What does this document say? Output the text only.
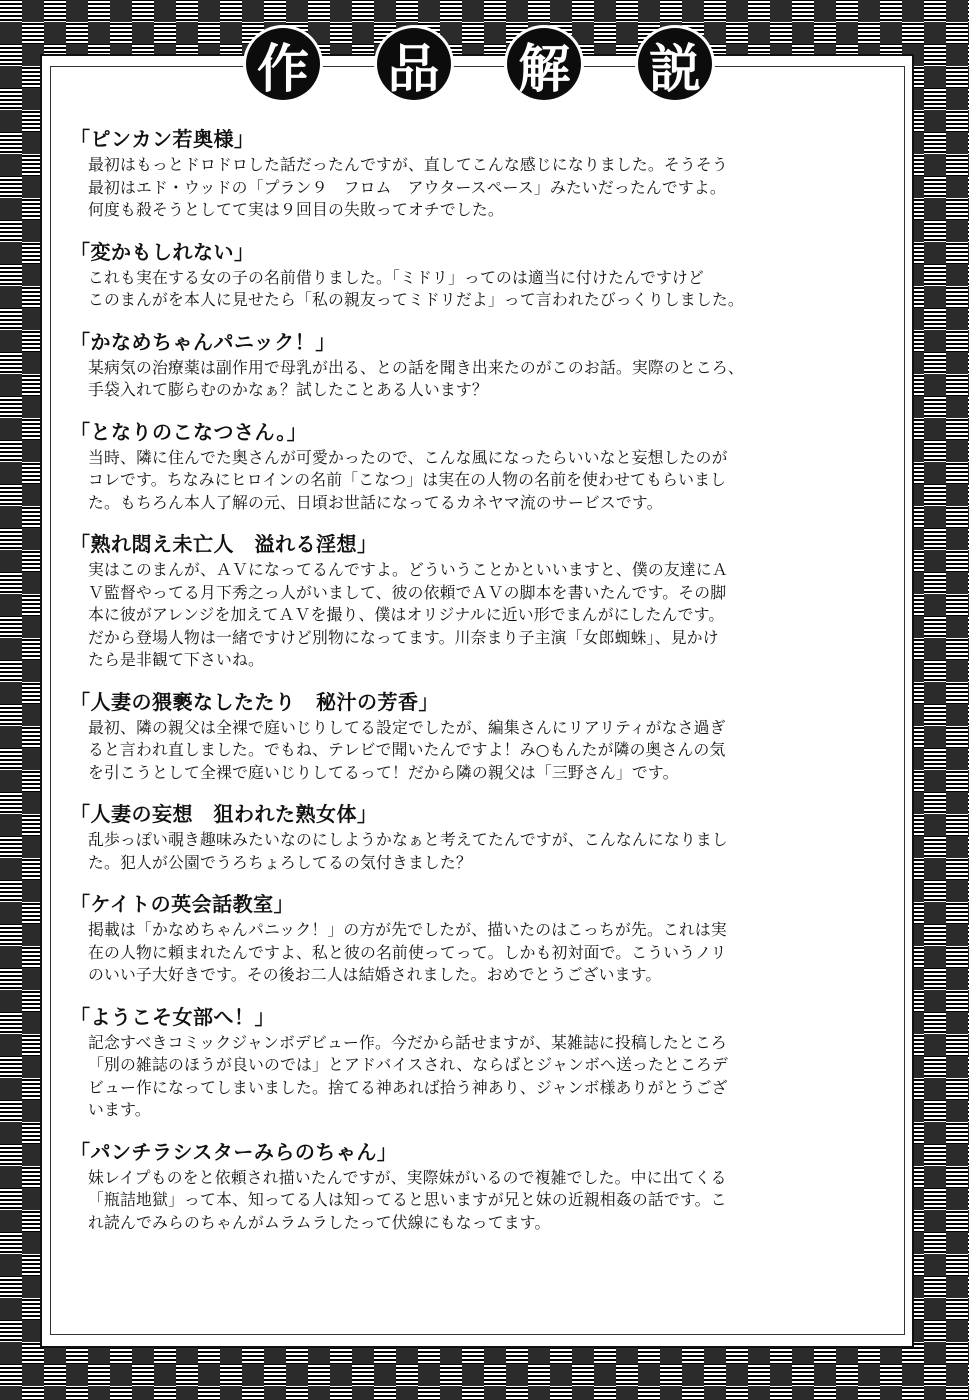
作 品 解 説
「ピンカン若奥様」
最初はもっとドロドロした話だったんですが、直してこんな感じになりました。そうそう
最初はエド・ウッドの「プラン９　フロム　アウタースペース」みたいだったんですよ。
何度も殺そうとしてて実は９回目の失敗ってオチでした。
「変かもしれない」
これも実在する女の子の名前借りました。「ミドリ」ってのは適当に付けたんですけど
このまんがを本人に見せたら「私の親友ってミドリだよ」って言われたびっくりしました。
「かなめちゃんパニック！」
某病気の治療薬は副作用で母乳が出る、との話を聞き出来たのがこのお話。実際のところ、
手袋入れて膨らむのかなぁ？試したことある人います？
「となりのこなつさん。」
当時、隣に住んでた奥さんが可愛かったので、こんな風になったらいいなと妄想したのが
コレです。ちなみにヒロインの名前「こなつ」は実在の人物の名前を使わせてもらいまし
た。もちろん本人了解の元、日頃お世話になってるカネヤマ流のサービスです。
「熟れ悶え未亡人　溢れる淫想」
実はこのまんが、ＡＶになってるんですよ。どういうことかといいますと、僕の友達にＡ
Ｖ監督やってる月下秀之っ人がいまして、彼の依頼でＡＶの脚本を書いたんです。その脚
本に彼がアレンジを加えてＡＶを撮り、僕はオリジナルに近い形でまんがにしたんです。
だから登場人物は一緒ですけど別物になってます。川奈まり子主演「女郎蜘蛛」、見かけ
たら是非観て下さいね。
「人妻の猥褻なしたたり　秘汁の芳香」
最初、隣の親父は全裸で庭いじりしてる設定でしたが、編集さんにリアリティがなさ過ぎ
ると言われ直しました。でもね、テレビで聞いたんですよ！み○もんたが隣の奥さんの気
を引こうとして全裸で庭いじりしてるって！だから隣の親父は「三野さん」です。
「人妻の妄想　狙われた熟女体」
乱歩っぽい覗き趣味みたいなのにしようかなぁと考えてたんですが、こんなんになりまし
た。犯人が公園でうろちょろしてるの気付きました？
「ケイトの英会話教室」
掲載は「かなめちゃんパニック！」の方が先でしたが、描いたのはこっちが先。これは実
在の人物に頼まれたんですよ、私と彼の名前使ってって。しかも初対面で。こういうノリ
のいい子大好きです。その後お二人は結婚されました。おめでとうございます。
「ようこそ女部へ！」
記念すべきコミックジャンボデビュー作。今だから話せますが、某雑誌に投稿したところ
「別の雑誌のほうが良いのでは」とアドバイスされ、ならばとジャンボへ送ったところデ
ビュー作になってしまいました。捨てる神あれば拾う神あり、ジャンボ様ありがとうござ
います。
「パンチラシスターみらのちゃん」
妹レイプものをと依頼され描いたんですが、実際妹がいるので複雑でした。中に出てくる
「瓶詰地獄」って本、知ってる人は知ってると思いますが兄と妹の近親相姦の話です。こ
れ読んでみらのちゃんがムラムラしたって伏線にもなってます。
